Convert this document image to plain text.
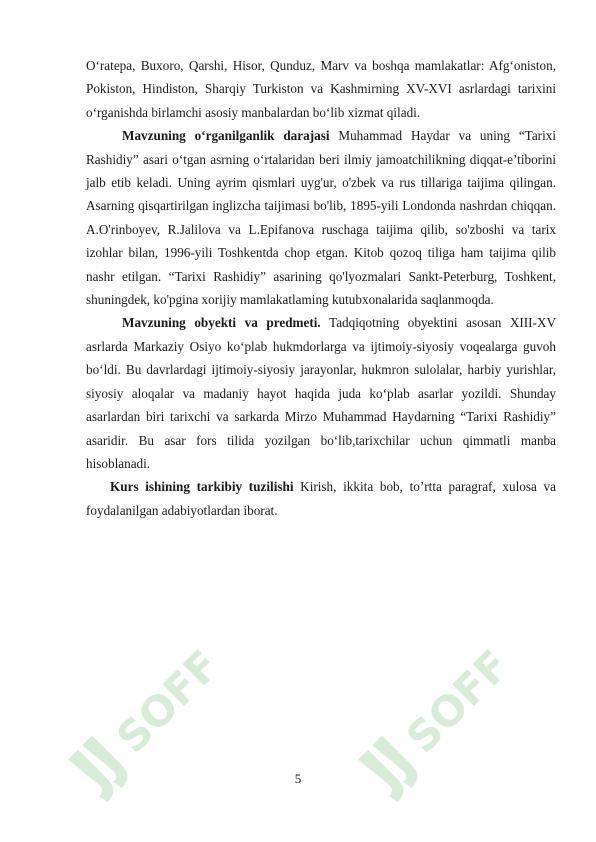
O‘ratepa, Buxoro, Qarshi, Hisor, Qunduz, Marv va boshqa mamlakatlar: Afg‘oniston, Pokiston, Hindiston, Sharqiy Turkiston va Kashmirning XV-XVI asrlardagi tarixini o‘rganishda birlamchi asosiy manbalardan bo‘lib xizmat qiladi.

Mavzuning o‘rganilganlik darajasi Muhammad Haydar va uning “Tarixi Rashidiy” asari o‘tgan asrning o‘rtalaridan beri ilmiy jamoatchilikning diqqat-e’tiborini jalb etib keladi. Uning ayrim qismlari uyg'ur, o'zbek va rus tillariga taijima qilingan. Asarning qisqartirilgan inglizcha taijimasi bo'lib, 1895-yili Londonda nashrdan chiqqan. A.O'rinboyev, R.Jalilova va L.Epifanova ruschaga taijima qilib, so'zboshi va tarix izohlar bilan, 1996-yili Toshkentda chop etgan. Kitob qozoq tiliga ham taijima qilib nashr etilgan. “Tarixi Rashidiy” asarining qo'lyozmalari Sankt-Peterburg, Toshkent, shuningdek, ko'pgina xorijiy mamlakatlaming kutubxonalarida saqlanmoqda.

Mavzuning obyekti va predmeti. Tadqiqotning obyektini asosan XIII-XV asrlarda Markaziy Osiyo ko‘plab hukmdorlarga va ijtimoiy-siyosiy voqealarga guvoh bo‘ldi. Bu davrlardagi ijtimoiy-siyosiy jarayonlar, hukmron sulolalar, harbiy yurishlar, siyosiy aloqalar va madaniy hayot haqida juda ko‘plab asarlar yozildi. Shunday asarlardan biri tarixchi va sarkarda Mirzo Muhammad Haydarning “Tarixi Rashidiy” asaridir. Bu asar fors tilida yozilgan bo‘lib,tarixchilar uchun qimmatli manba hisoblanadi.

Kurs ishining tarkibiy tuzilishi Kirish, ikkita bob, to’rtta paragraf, xulosa va foydalanilgan adabiyotlardan iborat.

5
SOFF	SOFF
